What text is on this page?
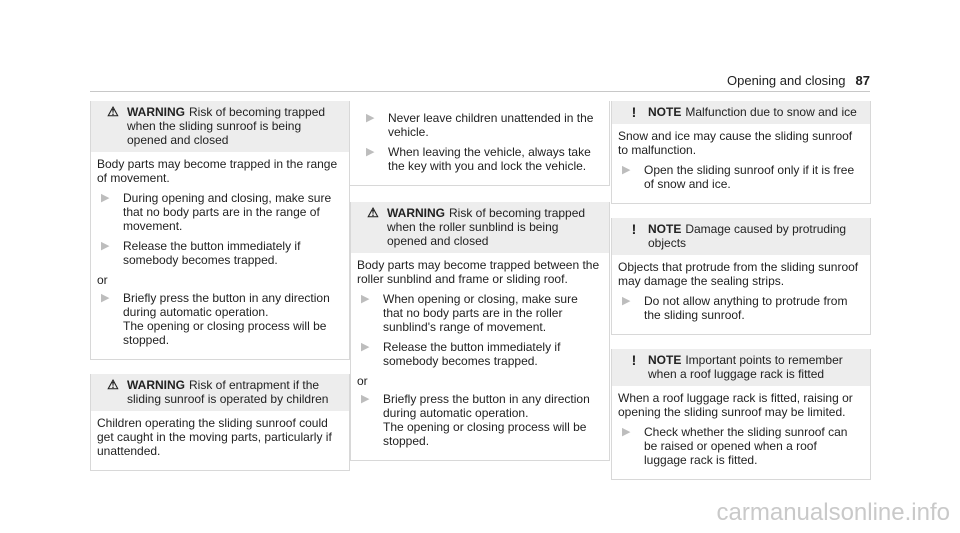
Opening and closing 87
⚠ WARNING Risk of becoming trapped when the sliding sunroof is being opened and closed

Body parts may become trapped in the range of movement.

▶	During opening and closing, make sure that no body parts are in the range of movement.
▶	Release the button immediately if somebody becomes trapped.
or
▶	Briefly press the button in any direction during automatic operation.
The opening or closing process will be stopped.
⚠ WARNING Risk of entrapment if the sliding sunroof is operated by children

Children operating the sliding sunroof could get caught in the moving parts, particularly if unattended.

▶	Never leave children unattended in the vehicle.
▶	When leaving the vehicle, always take the key with you and lock the vehicle.
⚠ WARNING Risk of becoming trapped when the roller sunblind is being opened and closed

Body parts may become trapped between the roller sunblind and frame or sliding roof.

▶	When opening or closing, make sure that no body parts are in the roller sunblind's range of movement.
▶	Release the button immediately if somebody becomes trapped.
or
▶	Briefly press the button in any direction during automatic operation.
The opening or closing process will be stopped.
! NOTE Malfunction due to snow and ice

Snow and ice may cause the sliding sunroof to malfunction.

▶	Open the sliding sunroof only if it is free of snow and ice.
! NOTE Damage caused by protruding objects

Objects that protrude from the sliding sunroof may damage the sealing strips.

▶	Do not allow anything to protrude from the sliding sunroof.
! NOTE Important points to remember when a roof luggage rack is fitted

When a roof luggage rack is fitted, raising or opening the sliding sunroof may be limited.

▶	Check whether the sliding sunroof can be raised or opened when a roof luggage rack is fitted.
carmanualsonline.info
